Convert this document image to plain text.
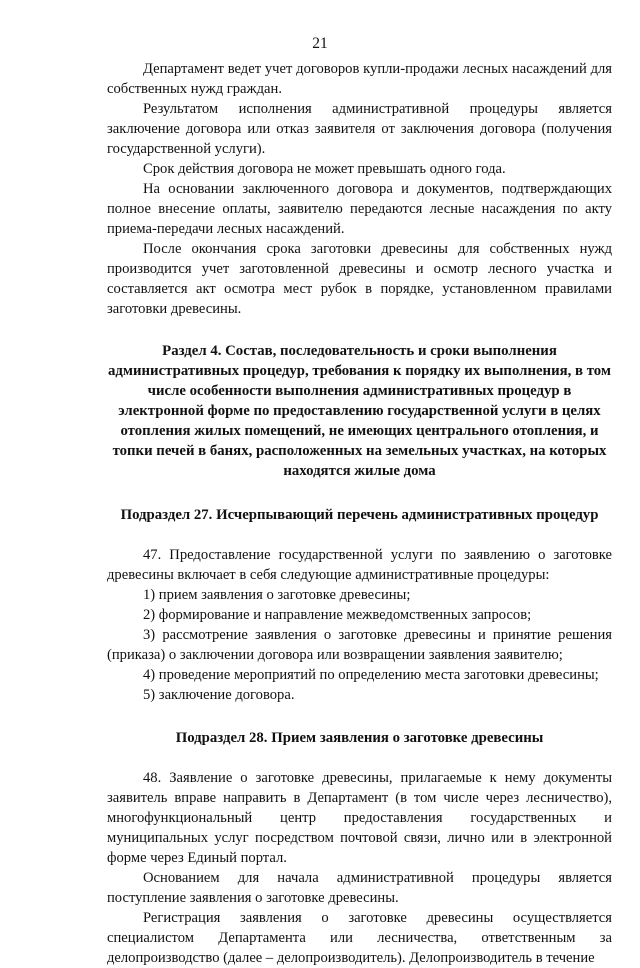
21

Департамент ведет учет договоров купли-продажи лесных насаждений для собственных нужд граждан.

Результатом исполнения административной процедуры является заключение договора или отказ заявителя от заключения договора (получения государственной услуги).

Срок действия договора не может превышать одного года.

На основании заключенного договора и документов, подтверждающих полное внесение оплаты, заявителю передаются лесные насаждения по акту приема-передачи лесных насаждений.

После окончания срока заготовки древесины для собственных нужд производится учет заготовленной древесины и осмотр лесного участка и составляется акт осмотра мест рубок в порядке, установленном правилами заготовки древесины.

Раздел 4. Состав, последовательность и сроки выполнения административных процедур, требования к порядку их выполнения, в том числе особенности выполнения административных процедур в электронной форме по предоставлению государственной услуги в целях отопления жилых помещений, не имеющих центрального отопления, и топки печей в банях, расположенных на земельных участках, на которых находятся жилые дома
Подраздел 27. Исчерпывающий перечень административных процедур

47. Предоставление государственной услуги по заявлению о заготовке древесины включает в себя следующие административные процедуры:

1) прием заявления о заготовке древесины;
2) формирование и направление межведомственных запросов;

3) рассмотрение заявления о заготовке древесины и принятие решения (приказа) о заключении договора или возвращении заявления заявителю;

4) проведение мероприятий по определению места заготовки древесины;
5) заключение договора.
Подраздел 28. Прием заявления о заготовке древесины

48. Заявление о заготовке древесины, прилагаемые к нему документы заявитель вправе направить в Департамент (в том числе через лесничество), многофункциональный центр предоставления государственных и муниципальных услуг посредством почтовой связи, лично или в электронной форме через Единый портал.

Основанием для начала административной процедуры является поступление заявления о заготовке древесины.

Регистрация заявления о заготовке древесины осуществляется специалистом Департамента или лесничества, ответственным за делопроизводство (далее – делопроизводитель). Делопроизводитель в течение
